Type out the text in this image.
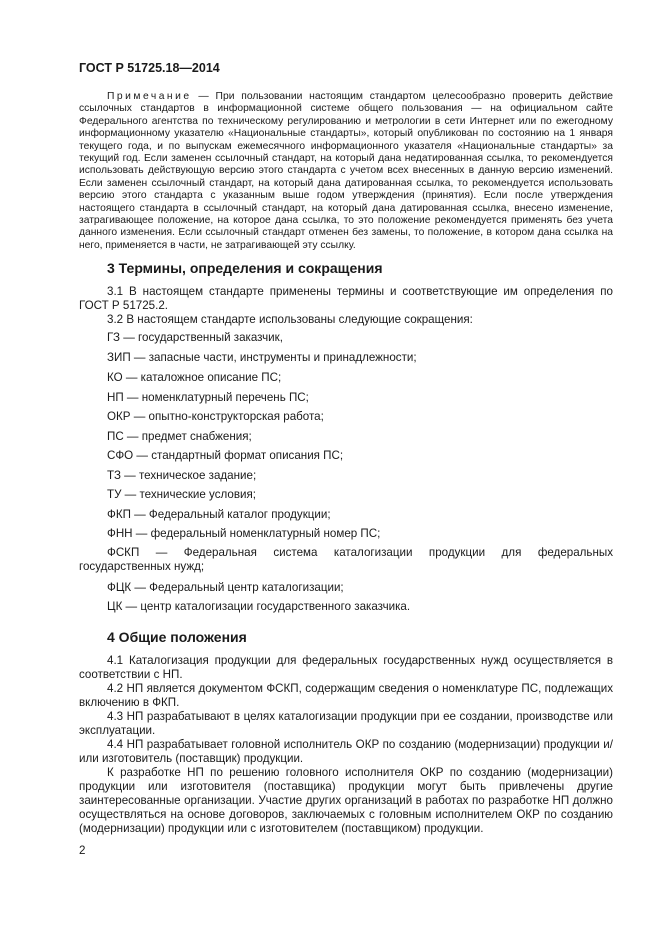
ГОСТ Р 51725.18—2014

Примечание — При пользовании настоящим стандартом целесообразно проверить действие ссылочных стандартов в информационной системе общего пользования — на официальном сайте Федерального агентства по техническому регулированию и метрологии в сети Интернет или по ежегодному информационному указателю «Национальные стандарты», который опубликован по состоянию на 1 января текущего года, и по выпускам ежемесячного информационного указателя «Национальные стандарты» за текущий год. Если заменен ссылочный стандарт, на который дана недатированная ссылка, то рекомендуется использовать действующую версию этого стандарта с учетом всех внесенных в данную версию изменений. Если заменен ссылочный стандарт, на который дана датированная ссылка, то рекомендуется использовать версию этого стандарта с указанным выше годом утверждения (принятия). Если после утверждения настоящего стандарта в ссылочный стандарт, на который дана датированная ссылка, внесено изменение, затрагивающее положение, на которое дана ссылка, то это положение рекомендуется применять без учета данного изменения. Если ссылочный стандарт отменен без замены, то положение, в котором дана ссылка на него, применяется в части, не затрагивающей эту ссылку.

3 Термины, определения и сокращения

3.1 В настоящем стандарте применены термины и соответствующие им определения по ГОСТ Р 51725.2.

3.2 В настоящем стандарте использованы следующие сокращения:

ГЗ — государственный заказчик,
ЗИП — запасные части, инструменты и принадлежности;
КО — каталожное описание ПС;
НП — номенклатурный перечень ПС;
ОКР — опытно-конструкторская работа;
ПС — предмет снабжения;
СФО — стандартный формат описания ПС;
ТЗ — техническое задание;
ТУ — технические условия;
ФКП — Федеральный каталог продукции;
ФНН — федеральный номенклатурный номер ПС;

ФСКП — Федеральная система каталогизации продукции для федеральных государственных нужд;

ФЦК — Федеральный центр каталогизации;
ЦК — центр каталогизации государственного заказчика.
4 Общие положения

4.1 Каталогизация продукции для федеральных государственных нужд осуществляется в соответствии с НП.

4.2 НП является документом ФСКП, содержащим сведения о номенклатуре ПС, подлежащих включению в ФКП.

4.3 НП разрабатывают в целях каталогизации продукции при ее создании, производстве или эксплуатации.

4.4 НП разрабатывает головной исполнитель ОКР по созданию (модернизации) продукции и/или изготовитель (поставщик) продукции.

К разработке НП по решению головного исполнителя ОКР по созданию (модернизации) продукции или изготовителя (поставщика) продукции могут быть привлечены другие заинтересованные организации. Участие других организаций в работах по разработке НП должно осуществляться на основе договоров, заключаемых с головным исполнителем ОКР по созданию (модернизации) продукции или с изготовителем (поставщиком) продукции.

2
